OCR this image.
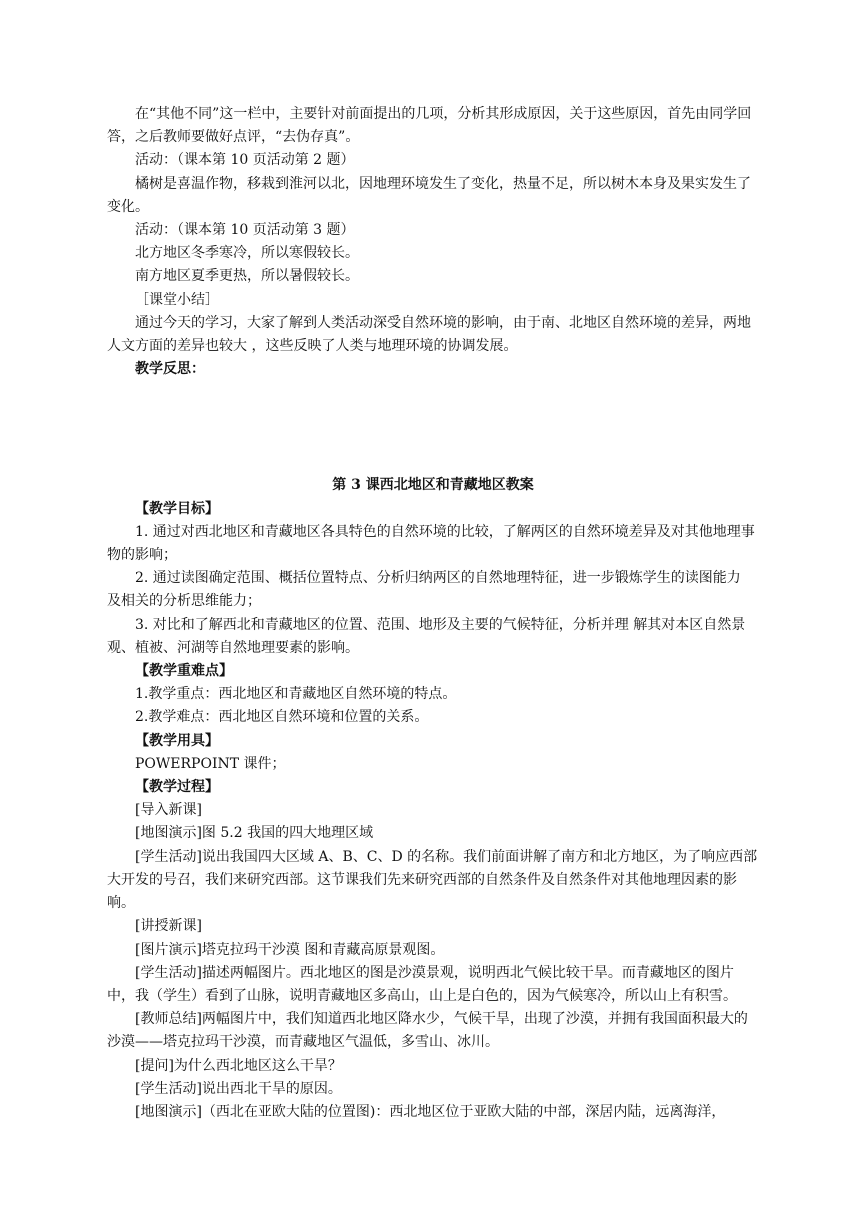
在“其他不同”这一栏中，主要针对前面提出的几项，分析其形成原因，关于这些原因，首先由同学回答，之后教师要做好点评，“去伪存真”。

活动：（课本第 10 页活动第 2 题）

橘树是喜温作物，移栽到淮河以北，因地理环境发生了变化，热量不足，所以树木本身及果实发生了变化。

活动：（课本第 10 页活动第 3 题）

北方地区冬季寒冷，所以寒假较长。

南方地区夏季更热，所以暑假较长。

［课堂小结］

通过今天的学习，大家了解到人类活动深受自然环境的影响，由于南、北地区自然环境的差异，两地人文方面的差异也较大 ，这些反映了人类与地理环境的协调发展。

教学反思：

第 3 课西北地区和青藏地区教案

【教学目标】

1. 通过对西北地区和青藏地区各具特色的自然环境的比较，了解两区的自然环境差异及对其他地理事物的影响；

2. 通过读图确定范围、概括位置特点、分析归纳两区的自然地理特征，进一步锻炼学生的读图能力 及相关的分析思维能力；

3. 对比和了解西北和青藏地区的位置、范围、地形及主要的气候特征，分析并理 解其对本区自然景观、植被、河湖等自然地理要素的影响。

【教学重难点】

1.教学重点：西北地区和青藏地区自然环境的特点。

2.教学难点：西北地区自然环境和位置的关系。

【教学用具】

POWERPOINT 课件；

【教学过程】

[导入新课]

[地图演示]图 5.2 我国的四大地理区域

[学生活动]说出我国四大区域 A、B、C、D 的名称。我们前面讲解了南方和北方地区，为了响应西部大开发的号召，我们来研究西部。这节课我们先来研究西部的自然条件及自然条件对其他地理因素的影响。

[讲授新课]

[图片演示]塔克拉玛干沙漠 图和青藏高原景观图。

[学生活动]描述两幅图片。西北地区的图是沙漠景观，说明西北气候比较干旱。而青藏地区的图片中，我（学生）看到了山脉，说明青藏地区多高山，山上是白色的，因为气候寒冷，所以山上有积雪。

[教师总结]两幅图片中，我们知道西北地区降水少，气候干旱，出现了沙漠，并拥有我国面积最大的沙漠——塔克拉玛干沙漠，而青藏地区气温低，多雪山、冰川。

[提问]为什么西北地区这么干旱？

[学生活动]说出西北干旱的原因。

[地图演示]（西北在亚欧大陆的位置图)：西北地区位于亚欧大陆的中部，深居内陆，远离海洋，
